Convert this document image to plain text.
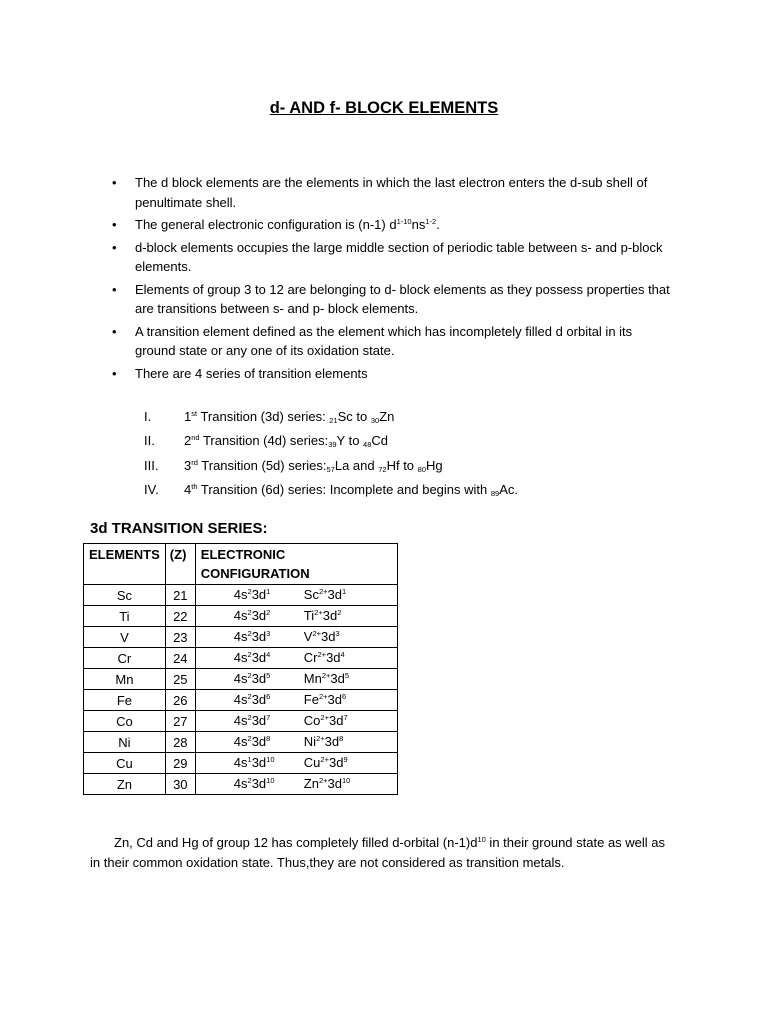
d- AND f- BLOCK ELEMENTS
• The d block elements are the elements in which the last electron enters the d-sub shell of penultimate shell.
• The general electronic configuration is (n-1) $d^{1-10}ns^{1-2}$.
• d-block elements occupies the large middle section of periodic table between s- and p-block elements.
• Elements of group 3 to 12 are belonging to d- block elements as they possess properties that are transitions between s- and p- block elements.
• A transition element defined as the element which has incompletely filled d orbital in its ground state or any one of its oxidation state.
• There are 4 series of transition elements
I.	1st Transition (3d) series: $_{21}$Sc to $_{30}$Zn
II.	2nd Transition (4d) $series:_{39}Y$ to $_{48}$Cd
III.	3rd Transition (5d) $series:_{57}La$ and $_{72}$Hf to $_{80}$Hg
IV.	4th Transition (6d) series: Incomplete and begins with $_{89}$Ac.
3d TRANSITION SERIES:
ELEMENTS	(Z)	ELECTRONIC CONFIGURATION
Sc	21	$4s^23d^1$ $Sc^{2+}3d^1$

Ti	22	$4s^23d^2$ $Ti^{2+}3d^2$

V	23	$4s^23d^3$ $V^{2+}3d^3$

Cr	24	$4s^23d^4$ $Cr^{2+}3d^4$

Mn	25	$4s^23d^5$ $Mn^{2+}3d^5$

Fe	26	$4s^23d^6$ $Fe^{2+}3d^6$

Co	27	$4s^23d^7$ $Co^{2+}3d^7$

Ni	28	$4s^23d^8$ $Ni^{2+}3d^8$

Cu	29	$4s^13d^{10}$ $Cu^{2+}3d^9$

Zn	30	$4s^23d^{10}$ $Zn^{2+}3d^{10}$
Zn, Cd and Hg of group 12 has completely filled d-orbital $(n-1)d^{10}$ in their ground state as well as in their common oxidation state. Thus,they are not considered as transition metals.
